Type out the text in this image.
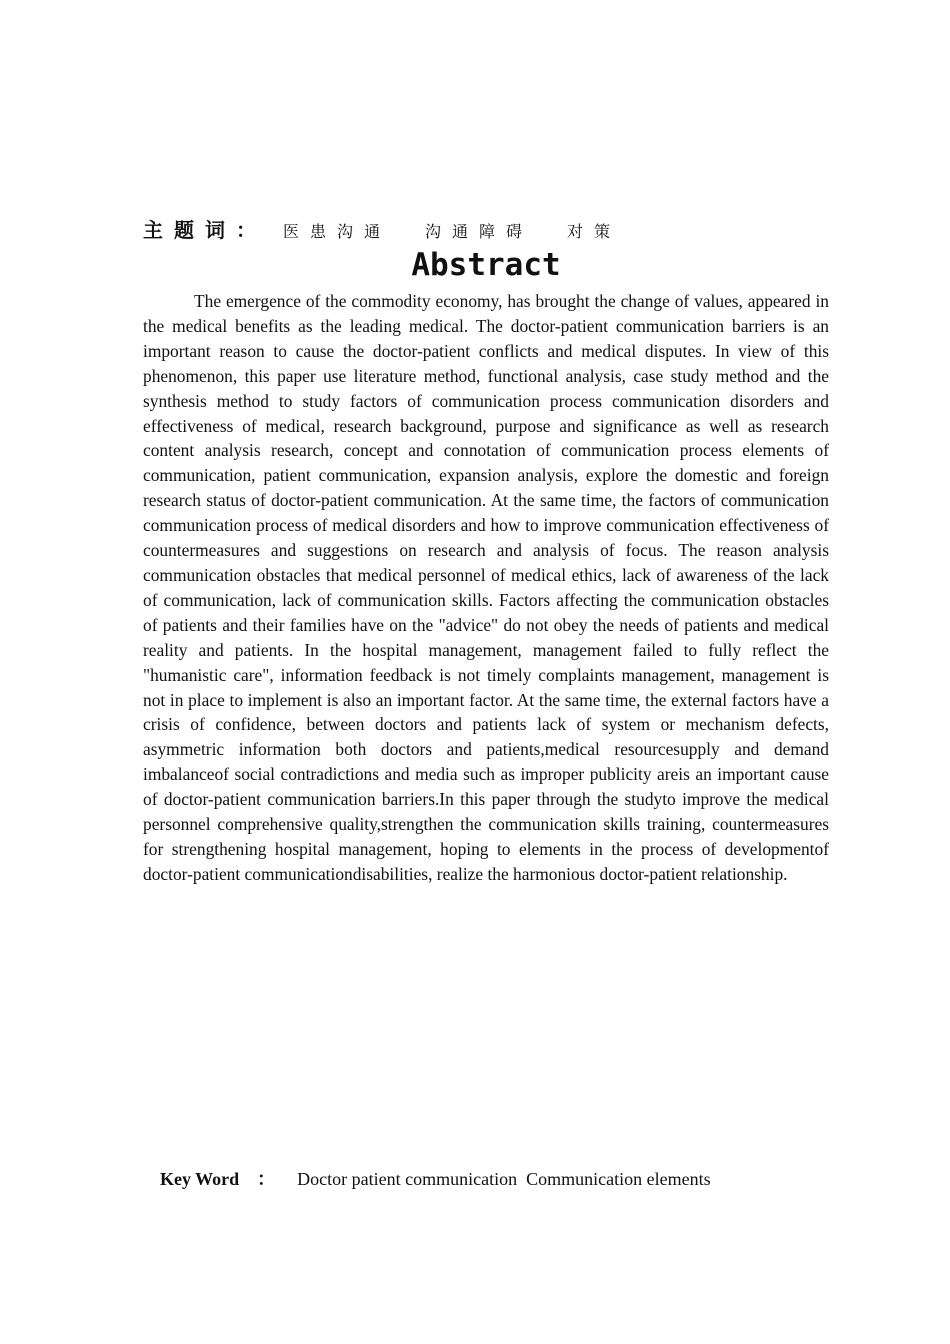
主题词： 医患沟通 沟通障碍 对策
Abstract

The emergence of the commodity economy, has brought the change of values, appeared in the medical benefits as the leading medical. The doctor-patient communication barriers is an important reason to cause the doctor-patient conflicts and medical disputes. In view of this phenomenon, this paper use literature method, functional analysis, case study method and the synthesis method to study factors of communication process communication disorders and effectiveness of medical, research background, purpose and significance as well as research content analysis research, concept and connotation of communication process elements of communication, patient communication, expansion analysis, explore the domestic and foreign research status of doctor-patient communication. At the same time, the factors of communication communication process of medical disorders and how to improve communication effectiveness of countermeasures and suggestions on research and analysis of focus. The reason analysis communication obstacles that medical personnel of medical ethics, lack of awareness of the lack of communication, lack of communication skills. Factors affecting the communication obstacles of patients and their families have on the "advice" do not obey the needs of patients and medical reality and patients. In the hospital management, management failed to fully reflect the "humanistic care", information feedback is not timely complaints management, management is not in place to implement is also an important factor. At the same time, the external factors have a crisis of confidence, between doctors and patients lack of system or mechanism defects, asymmetric information both doctors and patients,medical resourcesupply and demand imbalanceof social contradictions and media such as improper publicity areis an important cause of doctor-patient communication barriers.In this paper through the studyto improve the medical personnel comprehensive quality,strengthen the communication skills training, countermeasures for strengthening hospital management, hoping to elements in the process of developmentof doctor-patient communicationdisabilities, realize the harmonious doctor-patient relationship.

Key Word ： Doctor patient communication Communication elements
